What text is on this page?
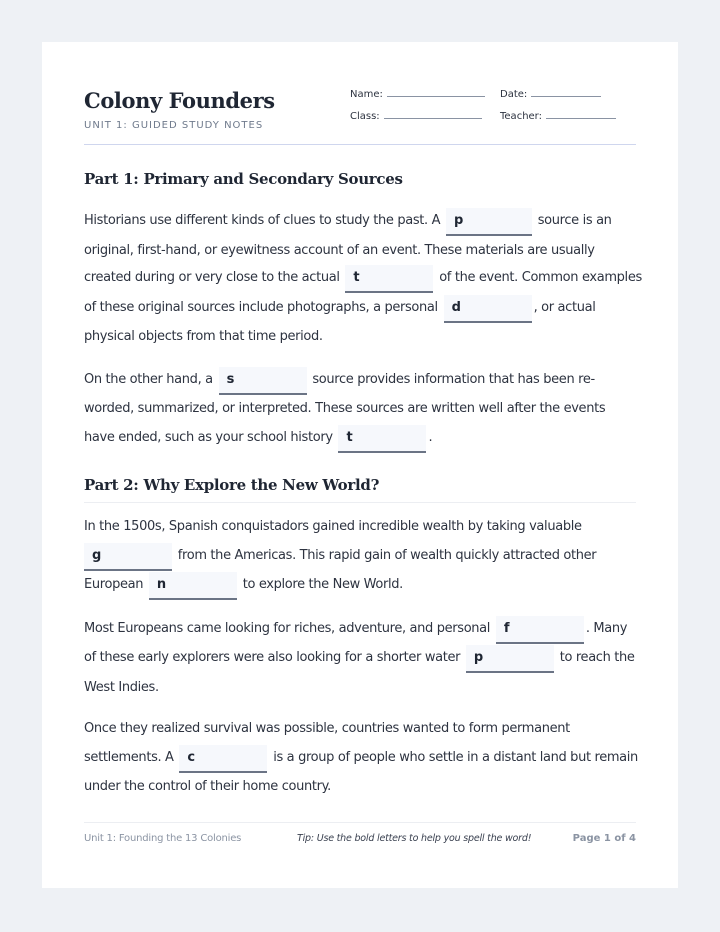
Colony Founders
UNIT 1: GUIDED STUDY NOTES
Name:	Date:
Class:	Teacher:
Part 1: Primary and Secondary Sources
Historians use different kinds of clues to study the past. A p	source is an
original, first-hand, or eyewitness account of an event. These materials are usually
created during or very close to the actual t	of the event. Common examples
of these original sources include photographs, a personal d	, or actual
physical objects from that time period.
On the other hand, a s	source provides information that has been re-
worded, summarized, or interpreted. These sources are written well after the events
have ended, such as your school history t	.
Part 2: Why Explore the New World?
In the 1500s, Spanish conquistadors gained incredible wealth by taking valuable
g	from the Americas. This rapid gain of wealth quickly attracted other
European n	to explore the New World.
Most Europeans came looking for riches, adventure, and personal f	. Many
of these early explorers were also looking for a shorter water p	to reach the
West Indies.
Once they realized survival was possible, countries wanted to form permanent
settlements. A c	is a group of people who settle in a distant land but remain
under the control of their home country.
Unit 1: Founding the 13 Colonies	Tip: Use the bold letters to help you spell the word!	Page 1 of 4
